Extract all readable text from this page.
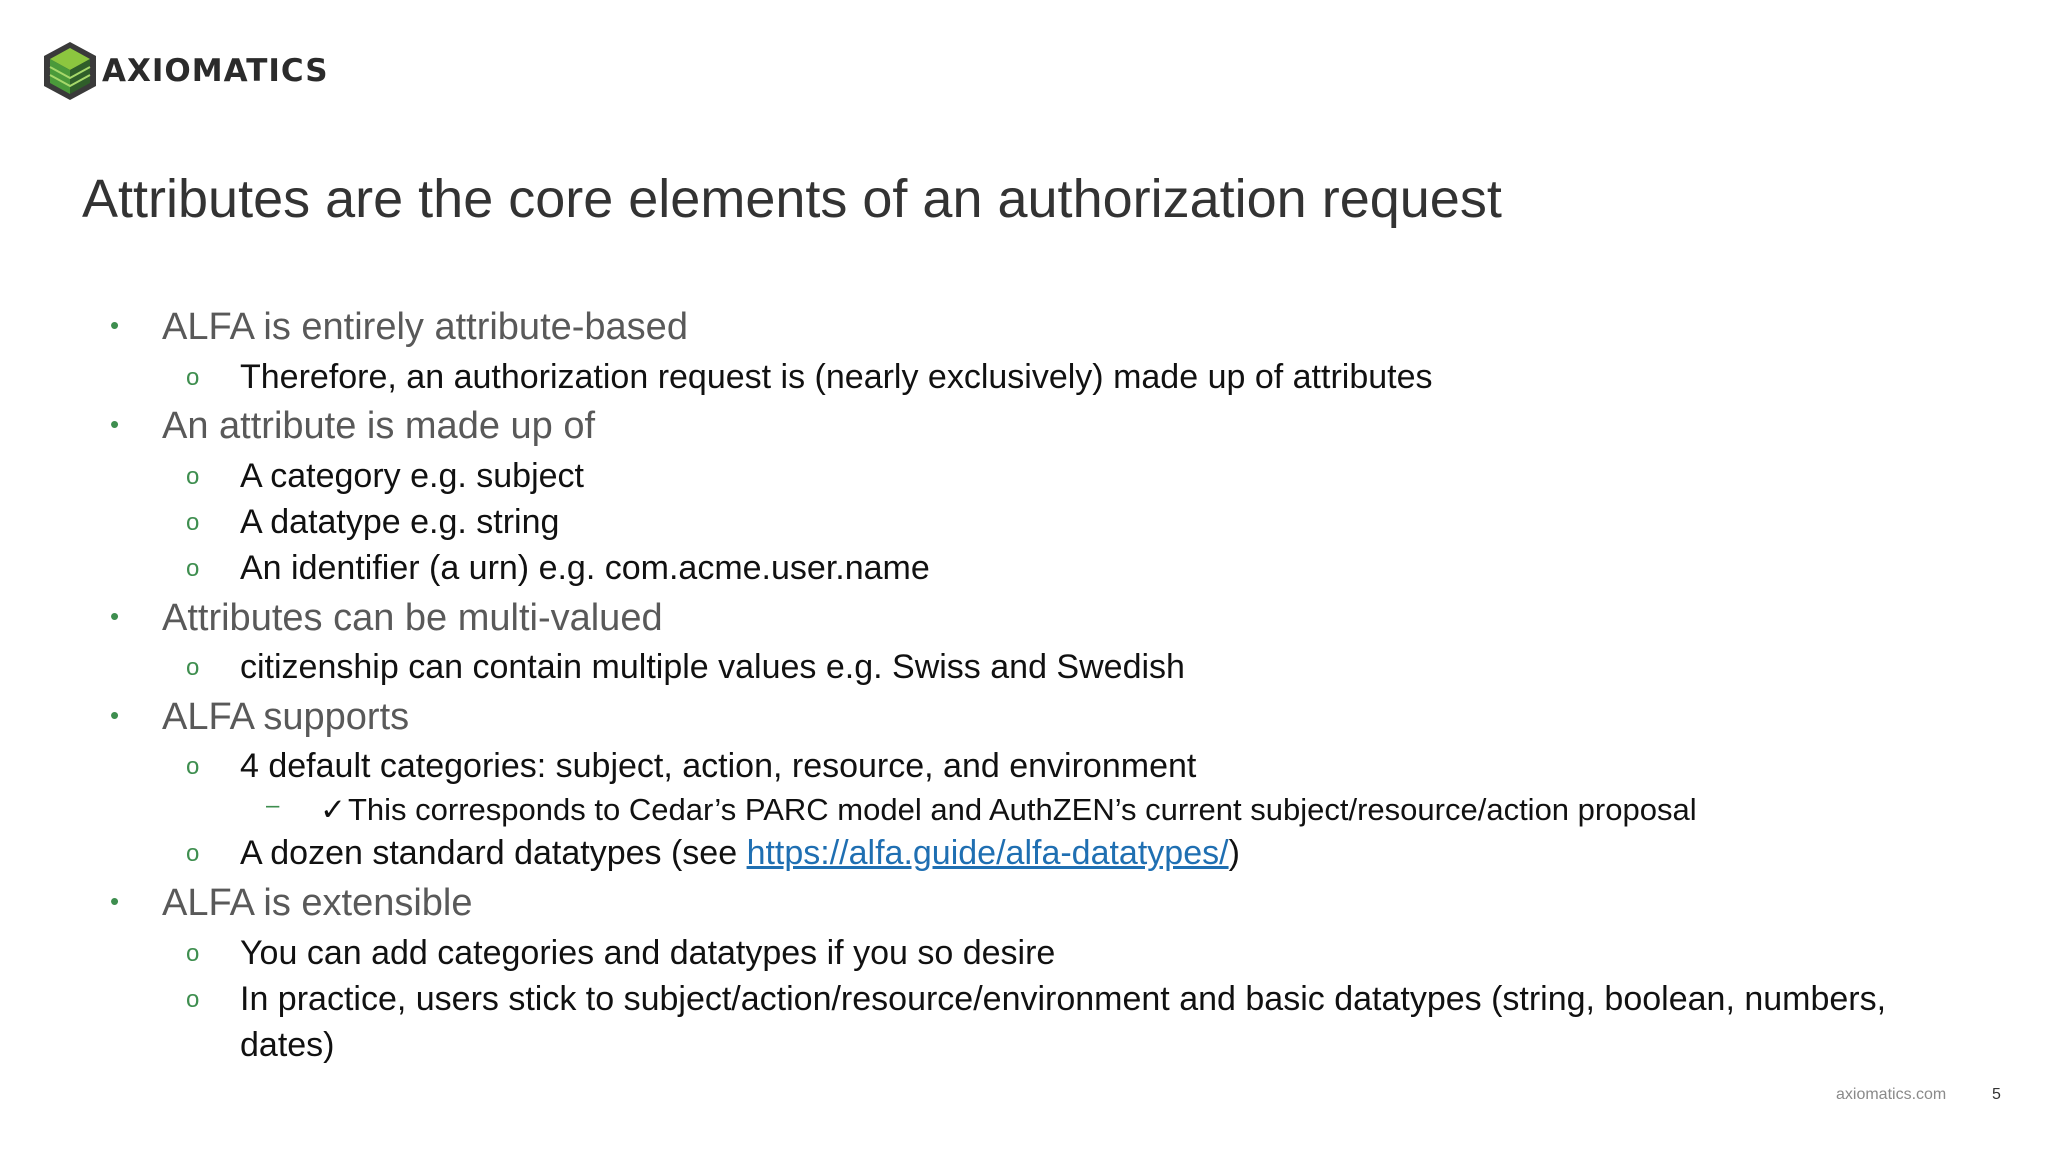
AXIOMATICS
Attributes are the core elements of an authorization request
• ALFA is entirely attribute-based
o Therefore, an authorization request is (nearly exclusively) made up of attributes
• An attribute is made up of
o A category e.g. subject
o A datatype e.g. string
o An identifier (a urn) e.g. com.acme.user.name
• Attributes can be multi-valued
o citizenship can contain multiple values e.g. Swiss and Swedish
• ALFA supports
o 4 default categories: subject, action, resource, and environment
– ✓This corresponds to Cedar’s PARC model and AuthZEN’s current subject/resource/action proposal
o A dozen standard datatypes (see https://alfa.guide/alfa-datatypes/)
• ALFA is extensible
o You can add categories and datatypes if you so desire
o In practice, users stick to subject/action/resource/environment and basic datatypes (string, boolean, numbers,
dates)
axiomatics.com	5
